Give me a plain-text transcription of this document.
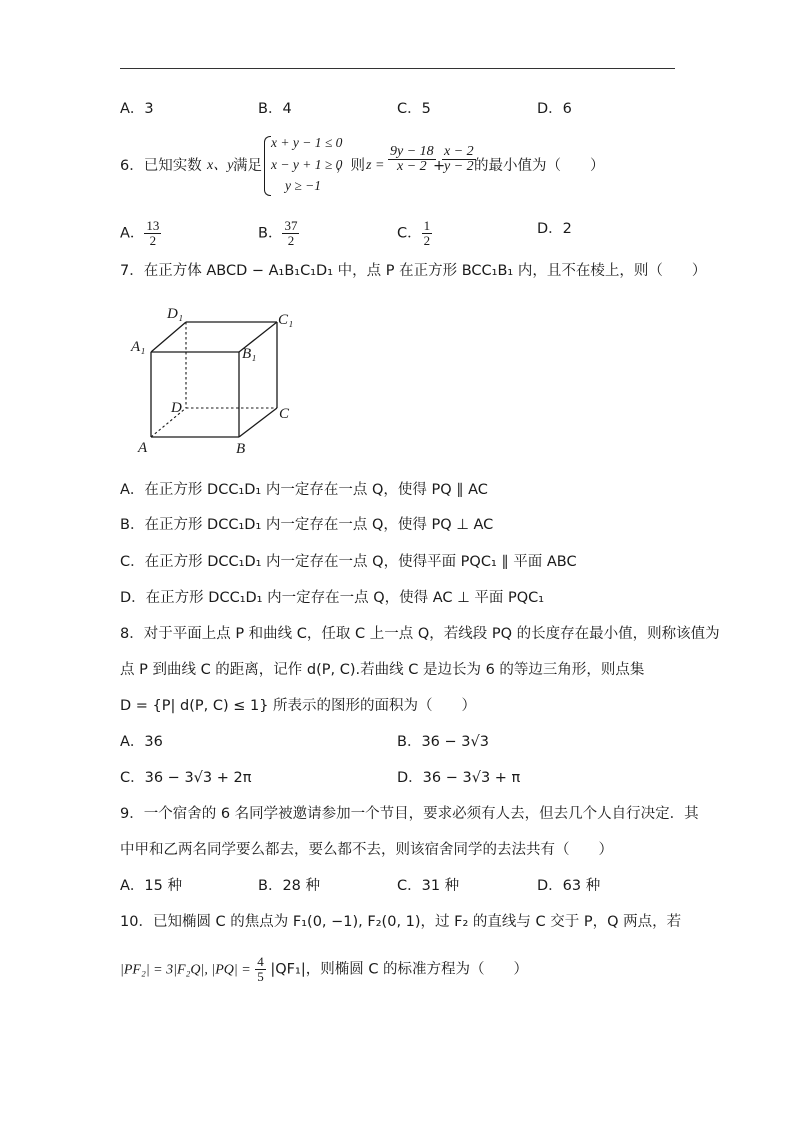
A．3	B．4	C．5	D．6
6．已知实数 x、y 满足
x + y − 1 ≤ 0
x − y + 1 ≥ 0
y ≥ −1
，则 $z = \frac{9y - 18}{x - 2}$
+
$\frac{x - 2}{y - 2}$
的最小值为（　　）
A． $\frac{13}{2}$	B． $\frac{37}{2}$	C． $\frac{1}{2}$	D．2
7．在正方体 ABCD − A₁B₁C₁D₁ 中，点 P 在正方形 BCC₁B₁ 内，且不在棱上，则（　　）
D₁	C₁
A₁	B₁
D	C
A	B
A．在正方形 DCC₁D₁ 内一定存在一点 Q，使得 PQ ∥ AC
B．在正方形 DCC₁D₁ 内一定存在一点 Q，使得 PQ ⊥ AC
C．在正方形 DCC₁D₁ 内一定存在一点 Q，使得平面 PQC₁ ∥ 平面 ABC
D．在正方形 DCC₁D₁ 内一定存在一点 Q，使得 AC ⊥ 平面 PQC₁
8．对于平面上点 P 和曲线 C，任取 C 上一点 Q，若线段 PQ 的长度存在最小值，则称该值为
点 P 到曲线 C 的距离，记作 d(P, C).若曲线 C 是边长为 6 的等边三角形，则点集
D = {P| d(P, C) ≤ 1} 所表示的图形的面积为（　　）
A．36	B．36 − 3√3
C．36 − 3√3 + 2π	D．36 − 3√3 + π
9．一个宿舍的 6 名同学被邀请参加一个节目，要求必须有人去，但去几个人自行决定．其
中甲和乙两名同学要么都去，要么都不去，则该宿舍同学的去法共有（　　）
A．15 种	B．28 种	C．31 种	D．63 种
10．已知椭圆 C 的焦点为 F₁(0, −1), F₂(0, 1)，过 F₂ 的直线与 C 交于 P，Q 两点，若
|PF₂| = 3|F₂Q|, $|PQ| = \frac{4}{5} |QF_1|$，则椭圆 C 的标准方程为（　　）
